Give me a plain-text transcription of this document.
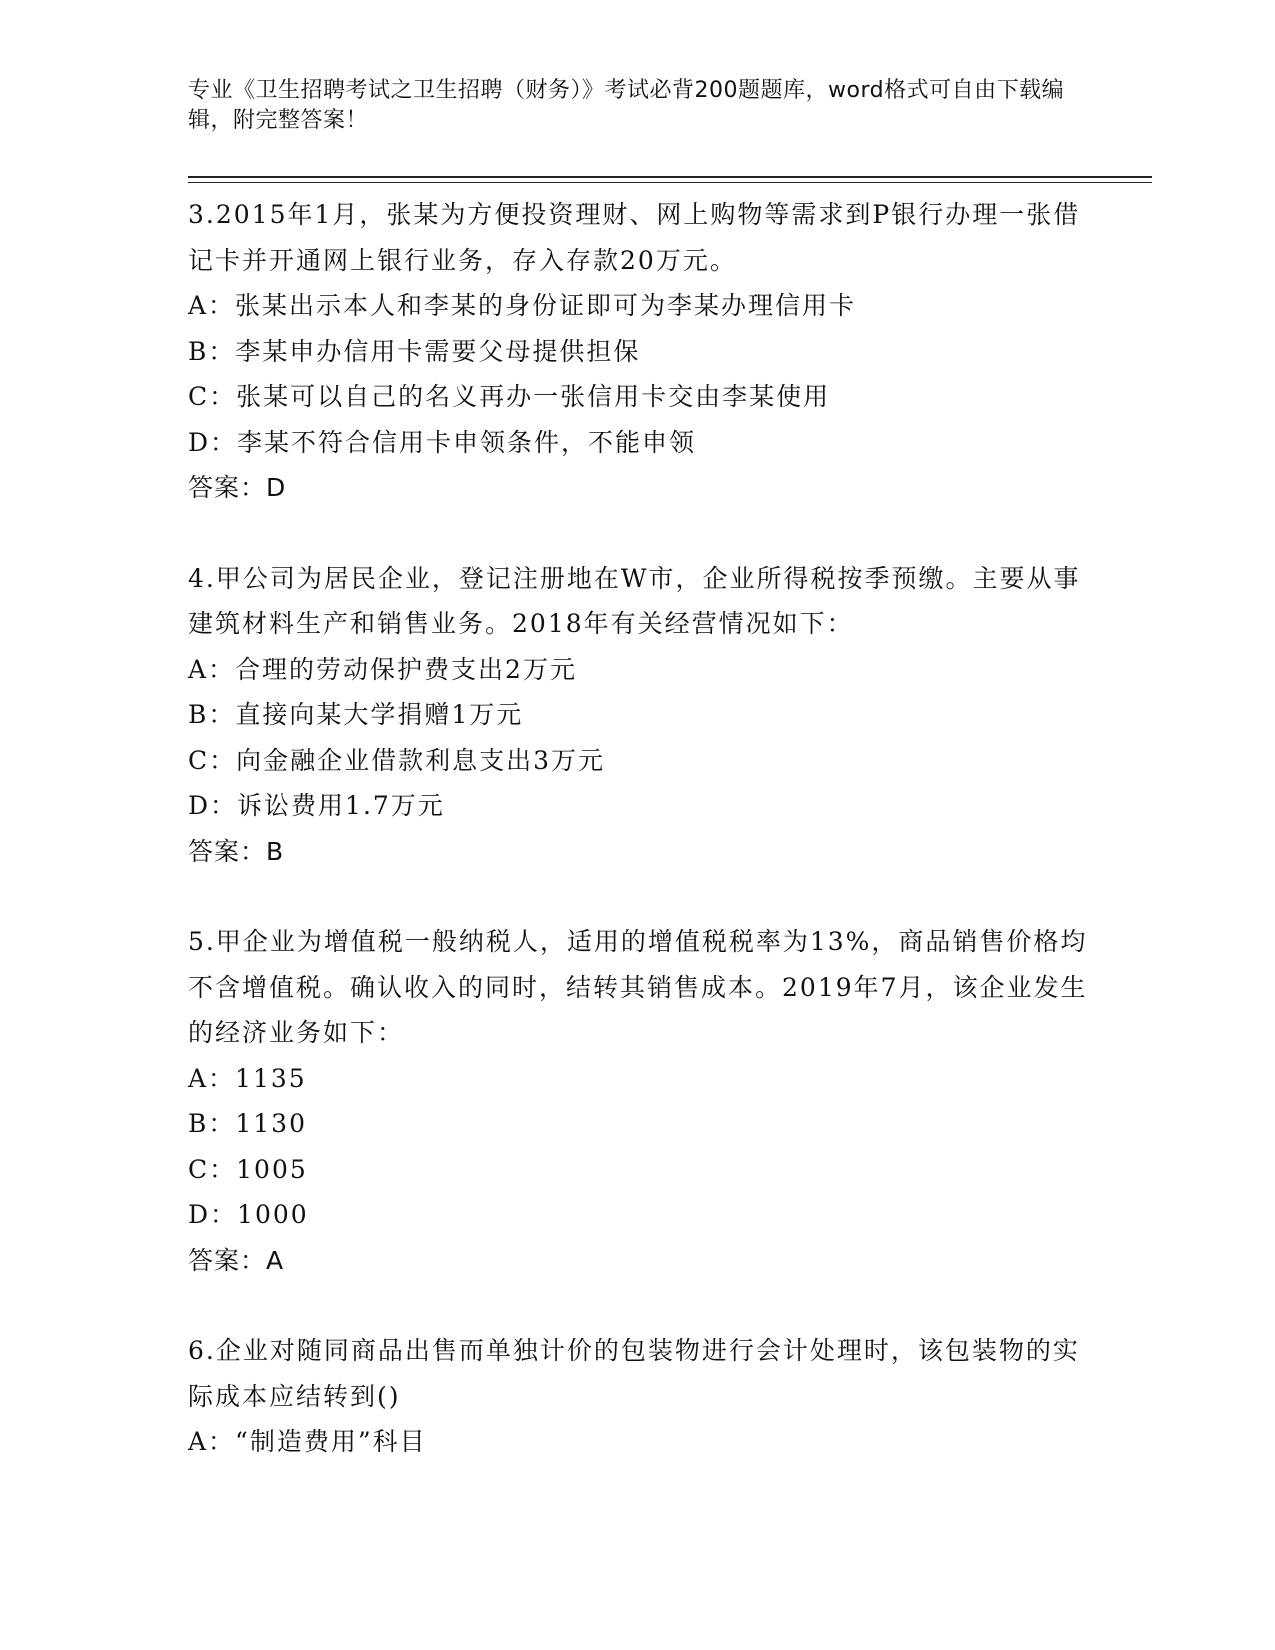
专业《卫生招聘考试之卫生招聘（财务）》考试必背200题题库，word格式可自由下载编辑，附完整答案！

3.2015年1月，张某为方便投资理财、网上购物等需求到P银行办理一张借记卡并开通网上银行业务，存入存款20万元。

A：张某出示本人和李某的身份证即可为李某办理信用卡

B：李某申办信用卡需要父母提供担保

C：张某可以自己的名义再办一张信用卡交由李某使用

D：李某不符合信用卡申领条件，不能申领

答案：D

4.甲公司为居民企业，登记注册地在W市，企业所得税按季预缴。主要从事建筑材料生产和销售业务。2018年有关经营情况如下：

A：合理的劳动保护费支出2万元

B：直接向某大学捐赠1万元

C：向金融企业借款利息支出3万元

D：诉讼费用1.7万元

答案：B

5.甲企业为增值税一般纳税人，适用的增值税税率为13%，商品销售价格均不含增值税。确认收入的同时，结转其销售成本。2019年7月，该企业发生的经济业务如下：

A：1135

B：1130

C：1005

D：1000

答案：A

6.企业对随同商品出售而单独计价的包装物进行会计处理时，该包装物的实际成本应结转到()

A：“制造费用”科目
